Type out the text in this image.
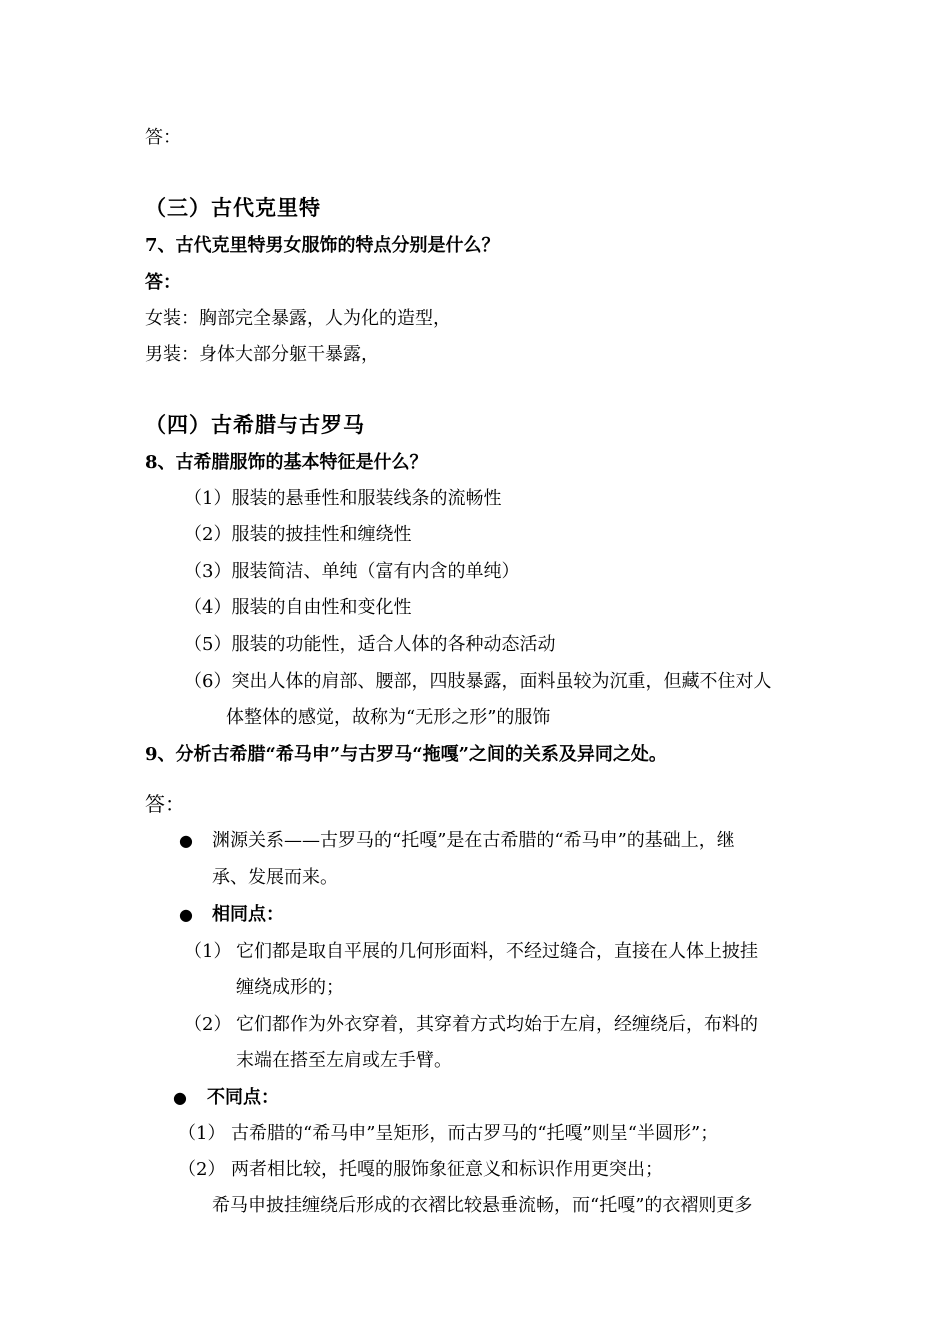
答：
（三）古代克里特
7、古代克里特男女服饰的特点分别是什么？
答：
女装：胸部完全暴露，人为化的造型，
男装：身体大部分躯干暴露，
（四）古希腊与古罗马
8、古希腊服饰的基本特征是什么？
（1）服装的悬垂性和服装线条的流畅性
（2）服装的披挂性和缠绕性
（3）服装简洁、单纯（富有内含的单纯）
（4）服装的自由性和变化性
（5）服装的功能性，适合人体的各种动态活动
（6）突出人体的肩部、腰部，四肢暴露，面料虽较为沉重，但藏不住对人
体整体的感觉，故称为“无形之形”的服饰
9、分析古希腊“希马申”与古罗马“拖嘎”之间的关系及异同之处。
答：
● 渊源关系——古罗马的“托嘎”是在古希腊的“希马申”的基础上，继
承、发展而来。
● 相同点：
（1） 它们都是取自平展的几何形面料，不经过缝合，直接在人体上披挂
缠绕成形的；
（2） 它们都作为外衣穿着，其穿着方式均始于左肩，经缠绕后，布料的
末端在搭至左肩或左手臂。
● 不同点：
（1） 古希腊的“希马申”呈矩形，而古罗马的“托嘎”则呈“半圆形”；
（2） 两者相比较，托嘎的服饰象征意义和标识作用更突出；
希马申披挂缠绕后形成的衣褶比较悬垂流畅，而“托嘎”的衣褶则更多
